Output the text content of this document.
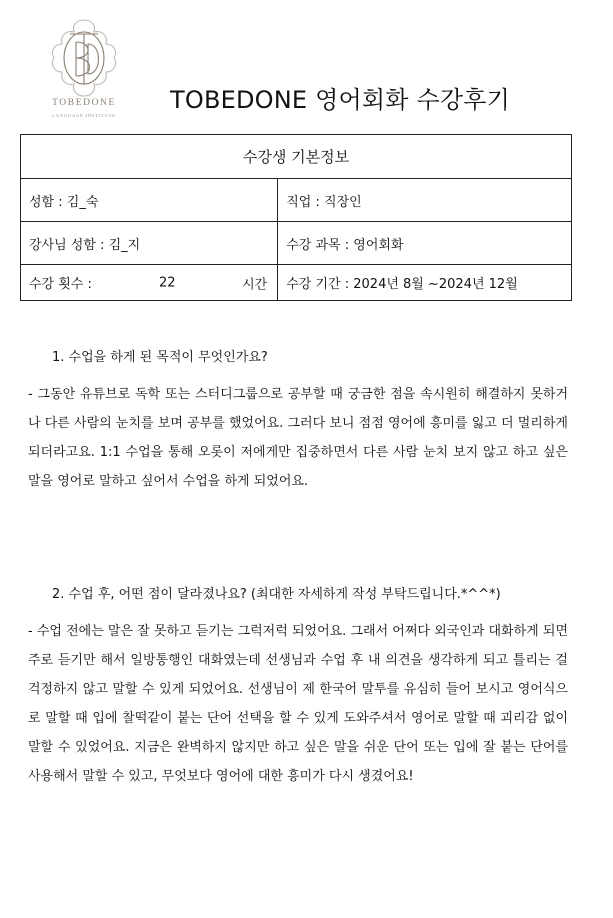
TOBEDONE
LANGUAGE INSTITUTE
TOBEDONE 영어회화 수강후기
수강생 기본정보	
성함 : 김_숙	직업 : 직장인
강사님 성함 : 김_지	수강 과목 : 영어회화
수강 횟수 : 22 시간	수강 기간 : 2024년 8월 ~2024년 12월
1. 수업을 하게 된 목적이 무엇인가요?
- 그동안 유튜브로 독학 또는 스터디그룹으로 공부할 때 궁금한 점을 속시원히 해결하지 못하거나 다른 사람의 눈치를 보며 공부를 했었어요. 그러다 보니 점점 영어에 흥미를 잃고 더 멀리하게 되더라고요. 1:1 수업을 통해 오롯이 저에게만 집중하면서 다른 사람 눈치 보지 않고 하고 싶은 말을 영어로 말하고 싶어서 수업을 하게 되었어요.
2. 수업 후, 어떤 점이 달라졌나요? (최대한 자세하게 작성 부탁드립니다.*^^*)
- 수업 전에는 말은 잘 못하고 듣기는 그럭저럭 되었어요. 그래서 어쩌다 외국인과 대화하게 되면 주로 듣기만 해서 일방통행인 대화였는데 선생님과 수업 후 내 의견을 생각하게 되고 틀리는 걸 걱정하지 않고 말할 수 있게 되었어요. 선생님이 제 한국어 말투를 유심히 들어 보시고 영어식으로 말할 때 입에 찰떡같이 붙는 단어 선택을 할 수 있게 도와주셔서 영어로 말할 때 괴리감 없이 말할 수 있었어요. 지금은 완벽하지 않지만 하고 싶은 말을 쉬운 단어 또는 입에 잘 붙는 단어를 사용해서 말할 수 있고, 무엇보다 영어에 대한 흥미가 다시 생겼어요!
